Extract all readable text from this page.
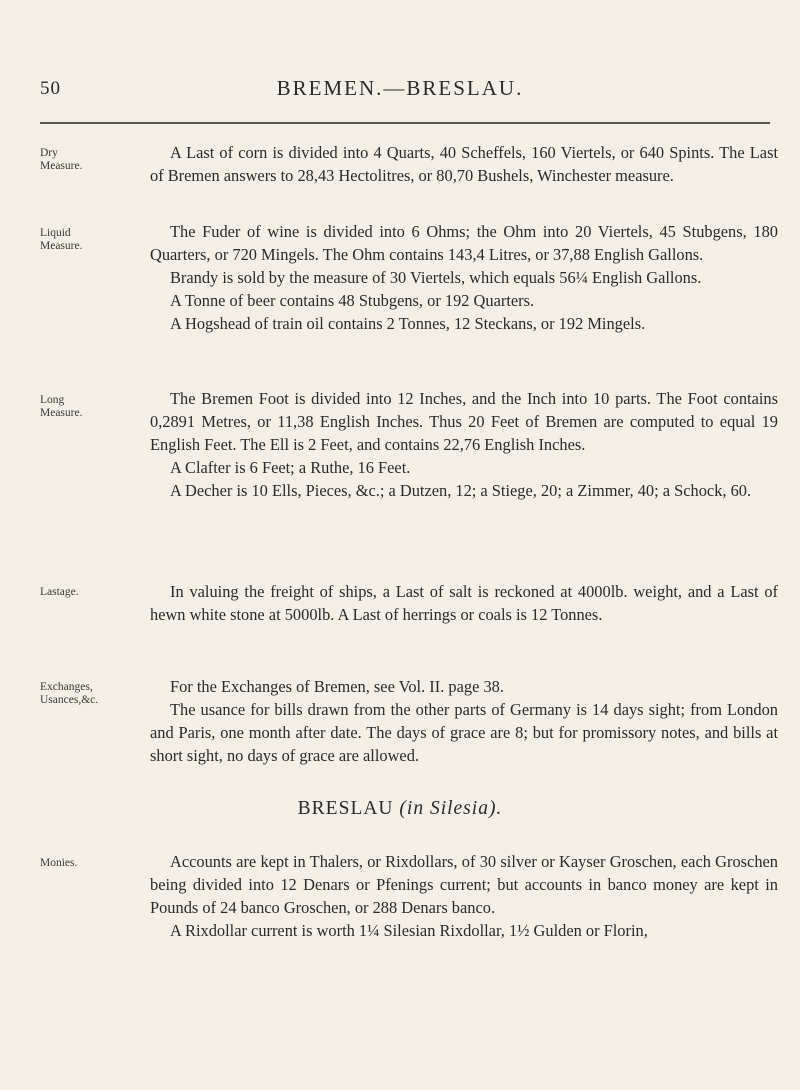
50	BREMEN.—BRESLAU.
Dry
Measure.

A Last of corn is divided into 4 Quarts, 40 Scheffels, 160 Viertels, or 640 Spints. The Last of Bremen answers to 28,43 Hectolitres, or 80,70 Bushels, Winchester measure.

Liquid
Measure.

The Fuder of wine is divided into 6 Ohms; the Ohm into 20 Viertels, 45 Stubgens, 180 Quarters, or 720 Mingels. The Ohm contains 143,4 Litres, or 37,88 English Gallons.

Brandy is sold by the measure of 30 Viertels, which equals 56¼ English Gallons.

A Tonne of beer contains 48 Stubgens, or 192 Quarters.

A Hogshead of train oil contains 2 Tonnes, 12 Steckans, or 192 Mingels.

Long
Measure.

The Bremen Foot is divided into 12 Inches, and the Inch into 10 parts. The Foot contains 0,2891 Metres, or 11,38 English Inches. Thus 20 Feet of Bremen are computed to equal 19 English Feet. The Ell is 2 Feet, and contains 22,76 English Inches.

A Clafter is 6 Feet; a Ruthe, 16 Feet.

A Decher is 10 Ells, Pieces, &c.; a Dutzen, 12; a Stiege, 20; a Zimmer, 40; a Schock, 60.

Lastage.	In valuing the freight of ships, a Last of salt is reckoned at 4000lb. weight, and a Last of hewn white stone at 5000lb. A Last of herrings or coals is 12 Tonnes.

Exchanges,
Usances,&c.

For the Exchanges of Bremen, see Vol. II. page 38.

The usance for bills drawn from the other parts of Germany is 14 days sight; from London and Paris, one month after date. The days of grace are 8; but for promissory notes, and bills at short sight, no days of grace are allowed.

BRESLAU (in Silesia).
Monies.	Accounts are kept in Thalers, or Rixdollars, of 30 silver or Kayser Groschen, each Groschen being divided into 12 Denars or Pfenings current; but accounts in banco money are kept in Pounds of 24 banco Groschen, or 288 Denars banco.

A Rixdollar current is worth 1¼ Silesian Rixdollar, 1½ Gulden or Florin,
